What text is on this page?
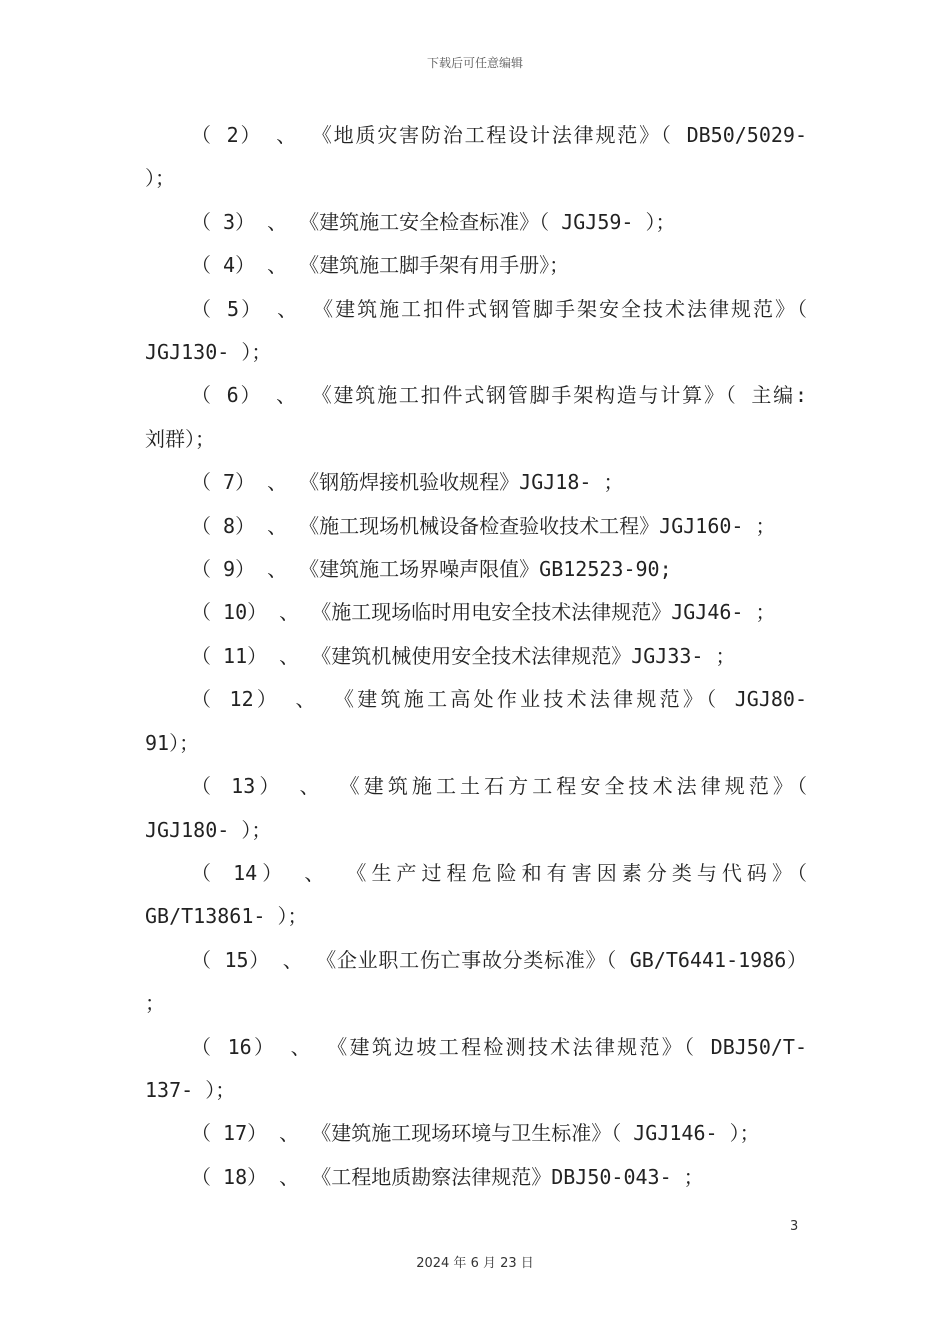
下载后可任意编辑
（ 2） 、 《地质灾害防治工程设计法律规范》（ DB50/5029-
）；
（ 3） 、 《建筑施工安全检查标准》（ JGJ59- ）；
（ 4） 、 《建筑施工脚手架有用手册》；
（ 5） 、 《建筑施工扣件式钢管脚手架安全技术法律规范》（
JGJ130- ）；
（ 6） 、 《建筑施工扣件式钢管脚手架构造与计算》（ 主编:
刘群）；
（ 7） 、 《钢筋焊接机验收规程》JGJ18- ；
（ 8） 、 《施工现场机械设备检查验收技术工程》JGJ160- ；
（ 9） 、 《建筑施工场界噪声限值》GB12523-90;
（ 10） 、 《施工现场临时用电安全技术法律规范》JGJ46- ；
（ 11） 、 《建筑机械使用安全技术法律规范》JGJ33- ；
（ 12） 、 《建筑施工高处作业技术法律规范》（ JGJ80-
91）；
（ 13） 、 《建筑施工土石方工程安全技术法律规范》（
JGJ180- ）；
（ 14） 、 《生产过程危险和有害因素分类与代码》（
GB/T13861- ）；
（ 15） 、 《企业职工伤亡事故分类标准》（ GB/T6441-1986）
；
（ 16） 、 《建筑边坡工程检测技术法律规范》（ DBJ50/T-
137- ）；
（ 17） 、 《建筑施工现场环境与卫生标准》（ JGJ146- ）；
（ 18） 、 《工程地质勘察法律规范》DBJ50-043- ；
3
2024 年 6 月 23 日
